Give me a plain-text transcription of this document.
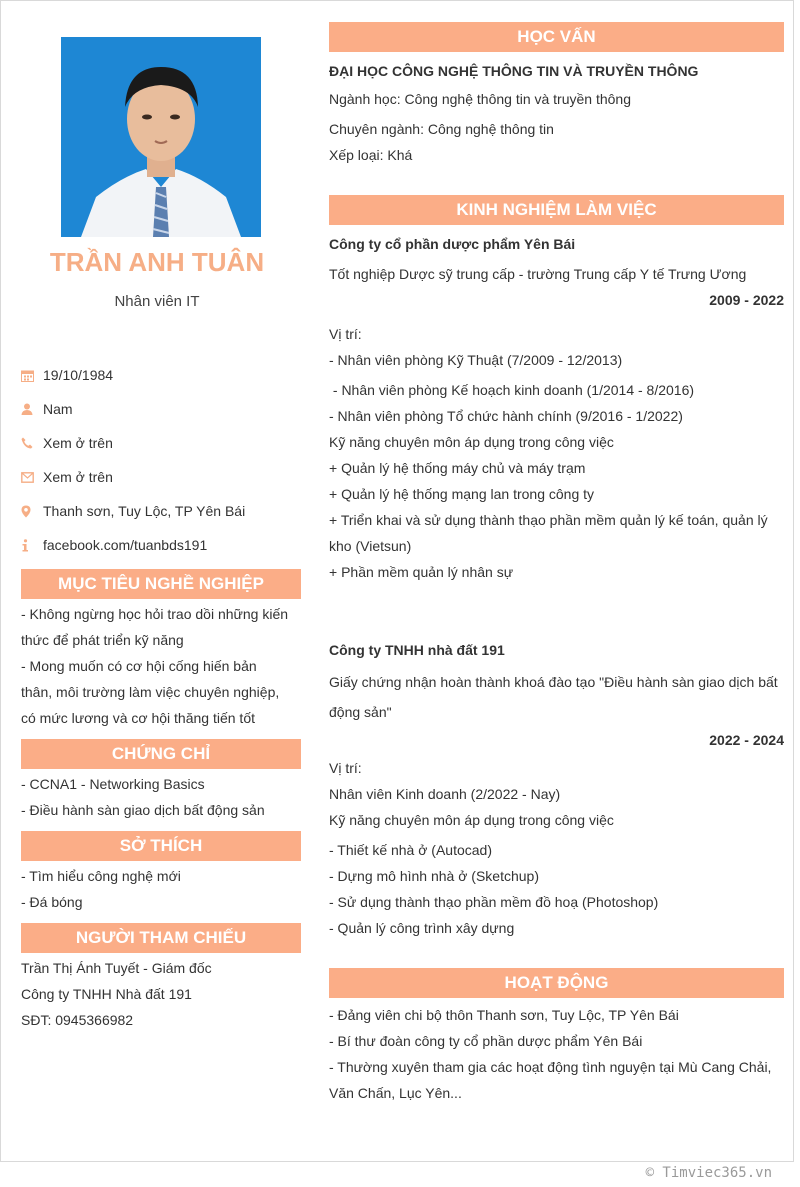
TRẦN ANH TUÂN
Nhân viên IT
19/10/1984
Nam
Xem ở trên
Xem ở trên
Thanh sơn, Tuy Lộc, TP Yên Bái
facebook.com/tuanbds191
MỤC TIÊU NGHỀ NGHIỆP
- Không ngừng học hỏi trao dồi những kiến
thức để phát triển kỹ năng
- Mong muốn có cơ hội cống hiến bản
thân, môi trường làm việc chuyên nghiệp,
có mức lương và cơ hội thăng tiến tốt
CHỨNG CHỈ
- CCNA1 - Networking Basics
- Điều hành sàn giao dịch bất động sản
SỞ THÍCH
- Tìm hiểu công nghệ mới
- Đá bóng
NGƯỜI THAM CHIẾU
Trần Thị Ánh Tuyết - Giám đốc
Công ty TNHH Nhà đất 191
SĐT: 0945366982
HỌC VẤN
ĐẠI HỌC CÔNG NGHỆ THÔNG TIN VÀ TRUYỀN THÔNG
Ngành học: Công nghệ thông tin và truyền thông
Chuyên ngành: Công nghệ thông tin
Xếp loại: Khá
KINH NGHIỆM LÀM VIỆC
Công ty cổ phần dược phẩm Yên Bái
Tốt nghiệp Dược sỹ trung cấp - trường Trung cấp Y tế Trưng Ương
2009 - 2022
Vị trí:
- Nhân viên phòng Kỹ Thuật (7/2009 - 12/2013)
- Nhân viên phòng Kế hoạch kinh doanh (1/2014 - 8/2016)
- Nhân viên phòng Tổ chức hành chính (9/2016 - 1/2022)
Kỹ năng chuyên môn áp dụng trong công việc
+ Quản lý hệ thống máy chủ và máy trạm
+ Quản lý hệ thống mạng lan trong công ty
+ Triển khai và sử dụng thành thạo phần mềm quản lý kế toán, quản lý
kho (Vietsun)
+ Phần mềm quản lý nhân sự
Công ty TNHH nhà đất 191
Giấy chứng nhận hoàn thành khoá đào tạo "Điều hành sàn giao dịch bất
động sản"
2022 - 2024
Vị trí:
Nhân viên Kinh doanh (2/2022 - Nay)
Kỹ năng chuyên môn áp dụng trong công việc
- Thiết kế nhà ở (Autocad)
- Dựng mô hình nhà ở (Sketchup)
- Sử dụng thành thạo phần mềm đồ hoạ (Photoshop)
- Quản lý công trình xây dựng
HOẠT ĐỘNG
- Đảng viên chi bộ thôn Thanh sơn, Tuy Lộc, TP Yên Bái
- Bí thư đoàn công ty cổ phần dược phẩm Yên Bái
- Thường xuyên tham gia các hoạt động tình nguyện tại Mù Cang Chải,
Văn Chấn, Lục Yên...
© Timviec365.vn
